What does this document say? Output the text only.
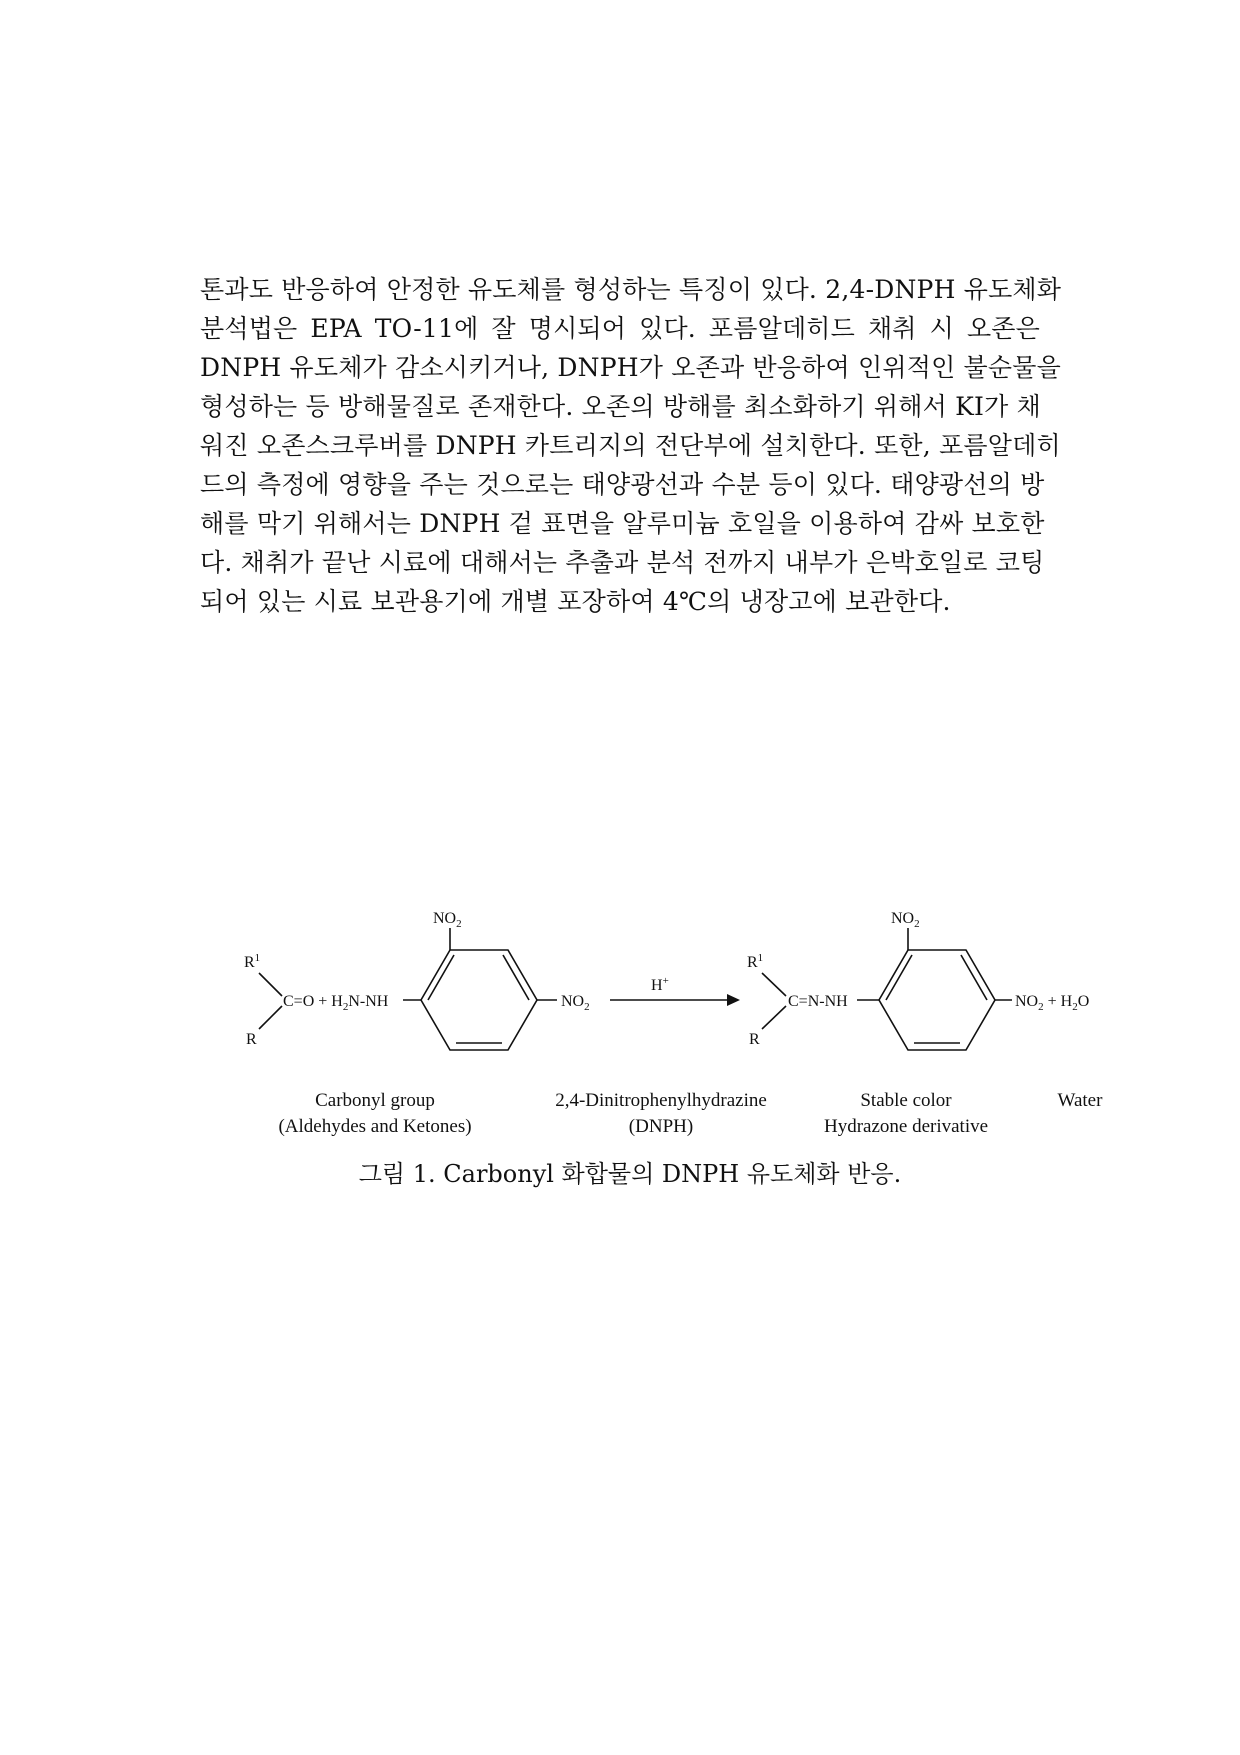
톤과도 반응하여 안정한 유도체를 형성하는 특징이 있다. 2,4-DNPH 유도체화
분석법은 EPA TO-11에 잘 명시되어 있다. 포름알데히드 채취 시 오존은
DNPH 유도체가 감소시키거나, DNPH가 오존과 반응하여 인위적인 불순물을
형성하는 등 방해물질로 존재한다. 오존의 방해를 최소화하기 위해서 KI가 채
워진 오존스크루버를 DNPH 카트리지의 전단부에 설치한다. 또한, 포름알데히
드의 측정에 영향을 주는 것으로는 태양광선과 수분 등이 있다. 태양광선의 방
해를 막기 위해서는 DNPH 겉 표면을 알루미늄 호일을 이용하여 감싸 보호한
다. 채취가 끝난 시료에 대해서는 추출과 분석 전까지 내부가 은박호일로 코팅
되어 있는 시료 보관용기에 개별 포장하여 4℃의 냉장고에 보관한다.
$R^1$
R
$C=O + H_2N-NH$
$NO_2$
$NO_2$
H+
$R^1$
R
C=N-NH
$NO_2$
$NO_2 + H_2O$
Carbonyl group
(Aldehydes and Ketones)
2,4-Dinitrophenylhydrazine
(DNPH)
Stable color
Hydrazone derivative
Water
그림 1. Carbonyl 화합물의 DNPH 유도체화 반응.
